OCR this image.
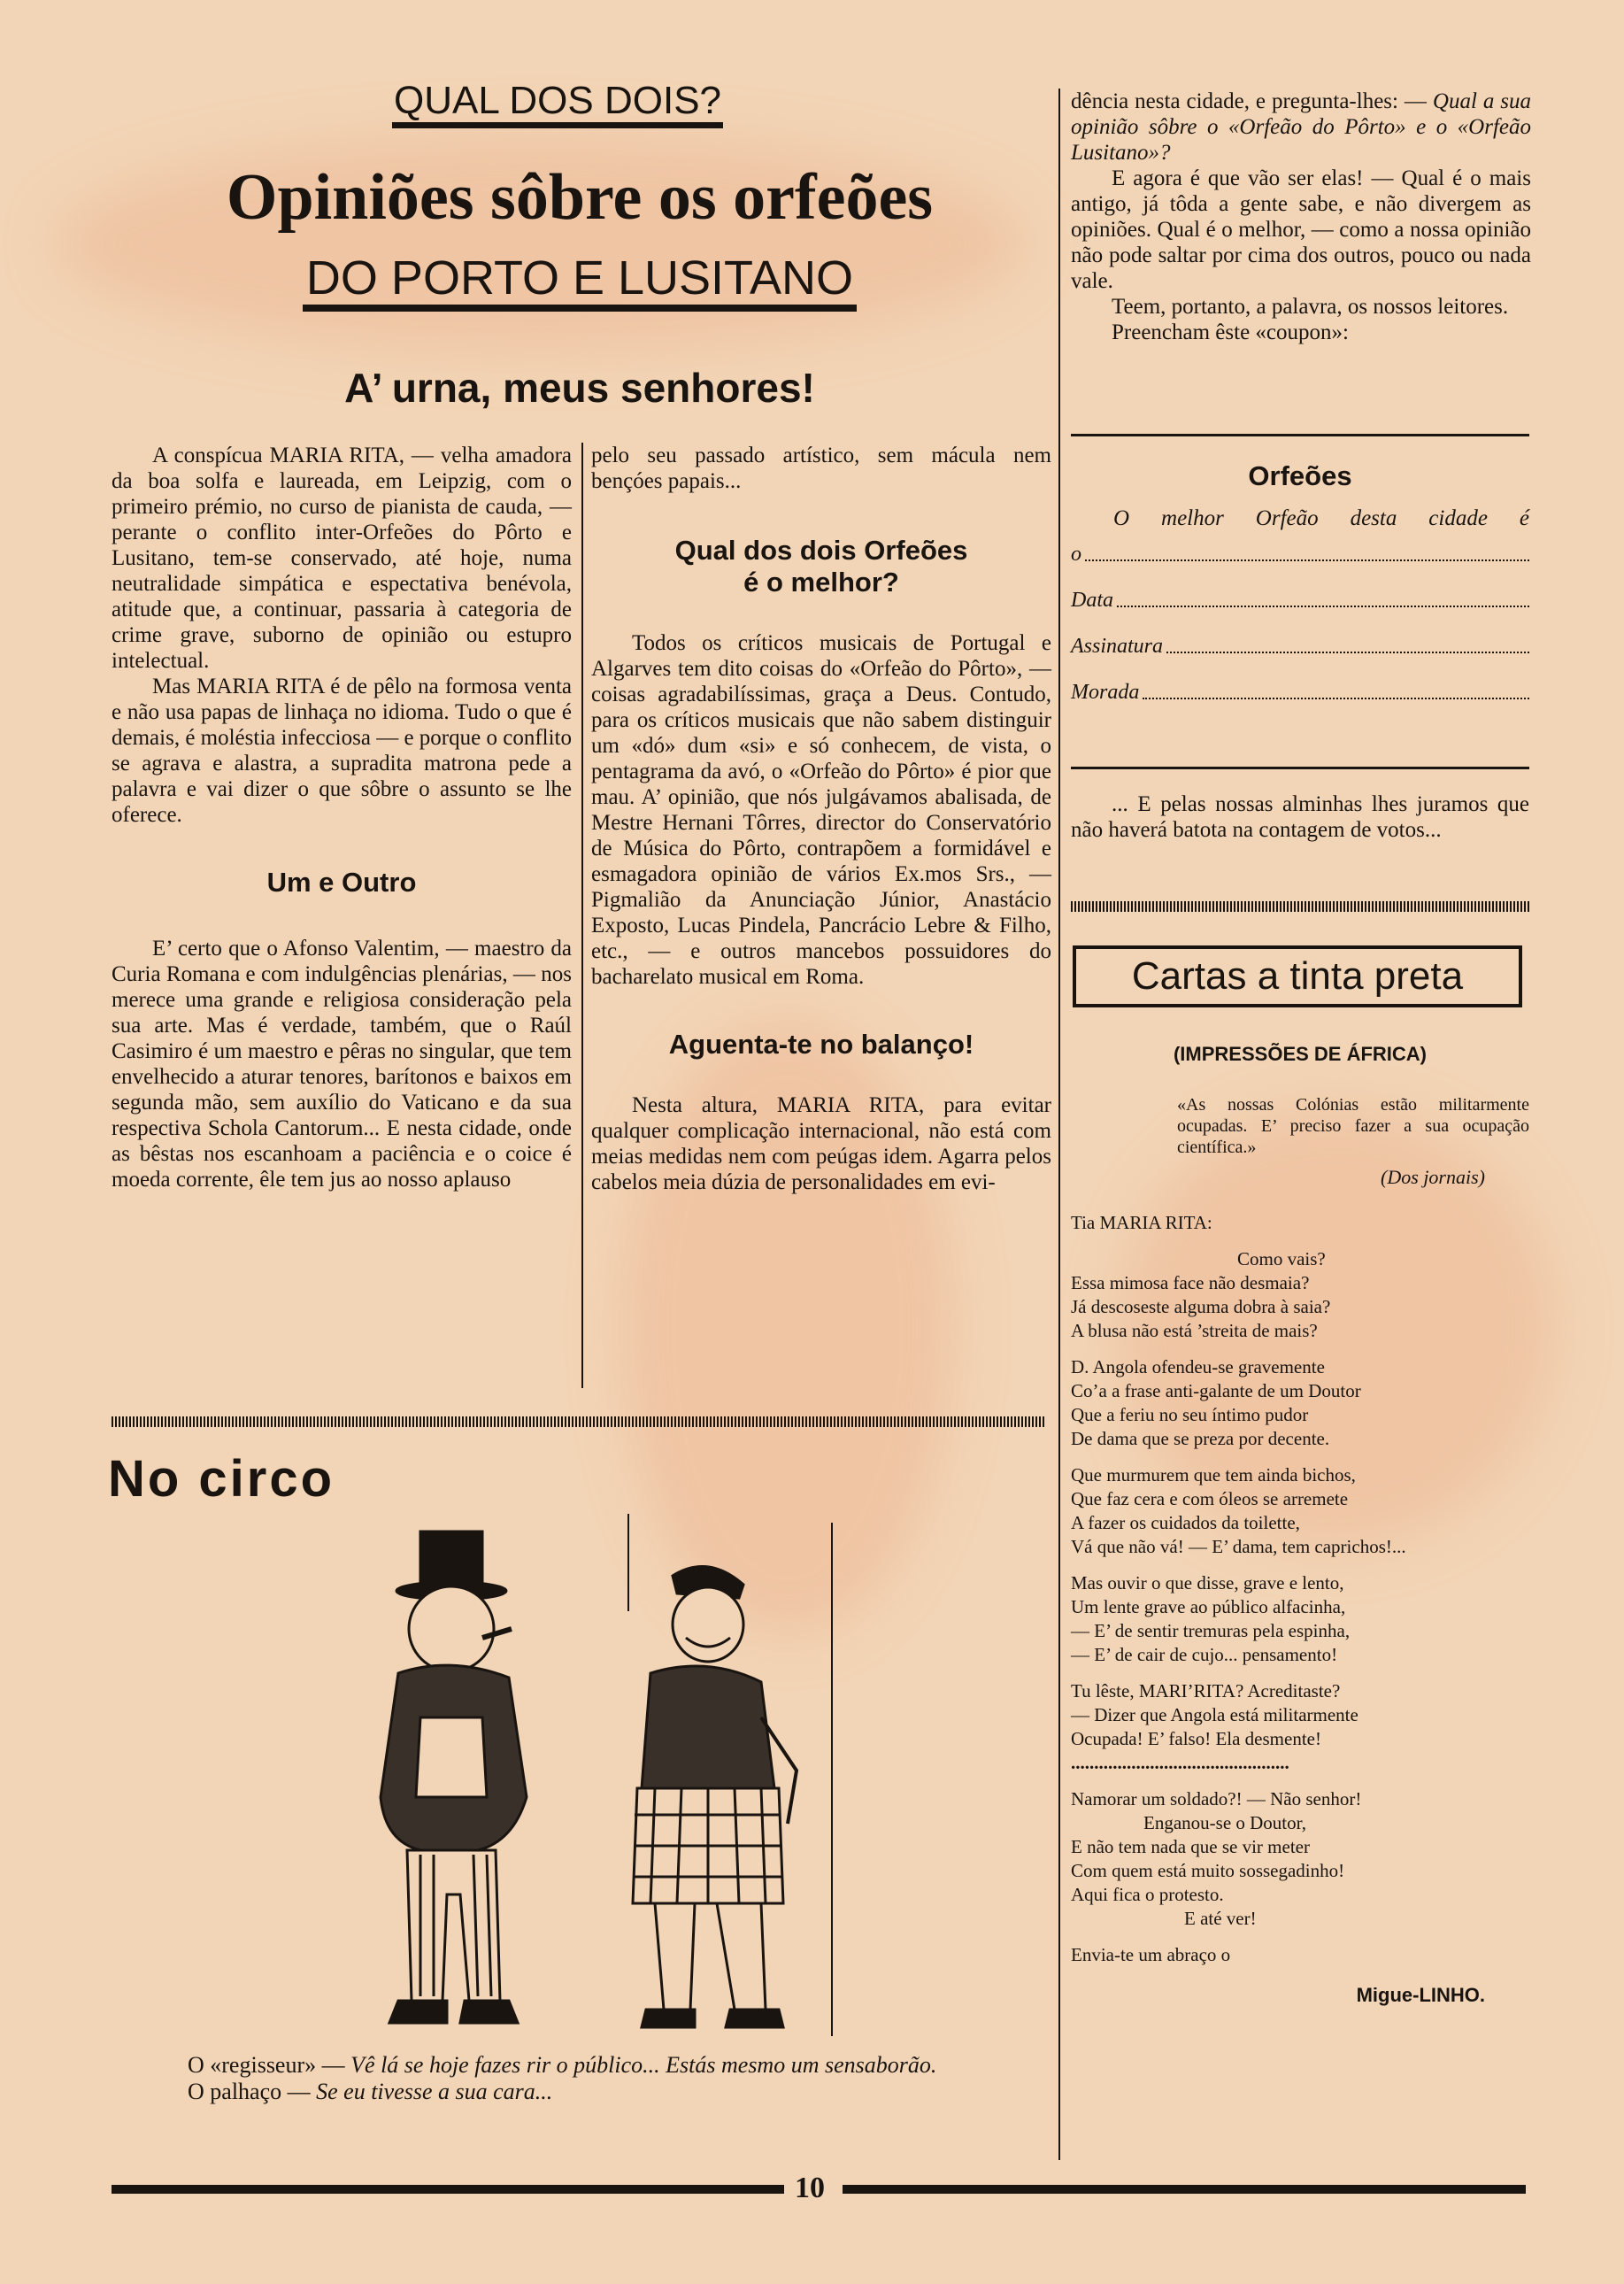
QUAL DOS DOIS?
Opiniões sôbre os orfeões
DO PORTO E LUSITANO
A’ urna, meus senhores!

A conspícua MARIA RITA, — velha amadora da boa solfa e laureada, em Leipzig, com o primeiro prémio, no curso de pianista de cauda, — perante o conflito inter-Orfeões do Pôrto e Lusitano, tem-se conservado, até hoje, numa neutralidade simpática e espectativa benévola, atitude que, a continuar, passaria à categoria de crime grave, suborno de opinião ou estupro intelectual.

Mas MARIA RITA é de pêlo na formosa venta e não usa papas de linhaça no idioma. Tudo o que é demais, é moléstia infecciosa — e porque o conflito se agrava e alastra, a supradita matrona pede a palavra e vai dizer o que sôbre o assunto se lhe oferece.

Um e Outro

E’ certo que o Afonso Valentim, — maestro da Curia Romana e com indulgências plenárias, — nos merece uma grande e religiosa consideração pela sua arte. Mas é verdade, também, que o Raúl Casimiro é um maestro e pêras no singular, que tem envelhecido a aturar tenores, barítonos e baixos em segunda mão, sem auxílio do Vaticano e da sua respectiva Schola Cantorum... E nesta cidade, onde as bêstas nos escanhoam a paciência e o coice é moeda corrente, êle tem jus ao nosso aplauso

pelo seu passado artístico, sem mácula nem bençóes papais...

Qual dos dois Orfeões
é o melhor?

Todos os críticos musicais de Portugal e Algarves tem dito coisas do «Orfeão do Pôrto», — coisas agradabilíssimas, graça a Deus. Contudo, para os críticos musicais que não sabem distinguir um «dó» dum «si» e só conhecem, de vista, o pentagrama da avó, o «Orfeão do Pôrto» é pior que mau. A’ opinião, que nós julgávamos abalisada, de Mestre Hernani Tôrres, director do Conservatório de Música do Pôrto, contrapõem a formidável e esmagadora opinião de vários Ex.mos Srs., — Pigmalião da Anunciação Júnior, Anastácio Exposto, Lucas Pindela, Pancrácio Lebre & Filho, etc., — e outros mancebos possuidores do bacharelato musical em Roma.

Aguenta-te no balanço!

Nesta altura, MARIA RITA, para evitar qualquer complicação internacional, não está com meias medidas nem com peúgas idem. Agarra pelos cabelos meia dúzia de personalidades em evi-

dência nesta cidade, e pregunta-lhes: — Qual a sua opinião sôbre o «Orfeão do Pôrto» e o «Orfeão Lusitano»?

E agora é que vão ser elas! — Qual é o mais antigo, já tôda a gente sabe, e não divergem as opiniões. Qual é o melhor, — como a nossa opinião não pode saltar por cima dos outros, pouco ou nada vale.

Teem, portanto, a palavra, os nossos leitores.

Preencham êste «coupon»:

Orfeões
O melhor Orfeão desta cidade é
o
Data
Assinatura
Morada

... E pelas nossas alminhas lhes juramos que não haverá batota na contagem de votos...

Cartas a tinta preta
(IMPRESSÕES DE ÁFRICA)
«As nossas Colónias estão militarmente ocupadas. E’ preciso fazer a sua ocupação científica.»
(Dos jornais)
Tia MARIA RITA:
Como vais?
Essa mimosa face não desmaia?
Já descoseste alguma dobra à saia?
A blusa não está ’streita de mais?
D. Angola ofendeu-se gravemente
Co’a a frase anti-galante de um Doutor
Que a feriu no seu íntimo pudor
De dama que se preza por decente.
Que murmurem que tem ainda bichos,
Que faz cera e com óleos se arremete
A fazer os cuidados da toilette,
Vá que não vá! — E’ dama, tem caprichos!...
Mas ouvir o que disse, grave e lento,
Um lente grave ao público alfacinha,
— E’ de sentir tremuras pela espinha,
— E’ de cair de cujo... pensamento!
Tu lêste, MARI’RITA? Acreditaste?
— Dizer que Angola está militarmente
Ocupada! E’ falso! Ela desmente!
...............................................
Namorar um soldado?! — Não senhor!
Enganou-se o Doutor,
E não tem nada que se vir meter
Com quem está muito sossegadinho!
Aqui fica o protesto.
E até ver!
Envia-te um abraço o
Migue-LINHO.
No circo
O «regisseur» — Vê lá se hoje fazes rir o público... Estás mesmo um sensaborão.
O palhaço — Se eu tivesse a sua cara...
10
